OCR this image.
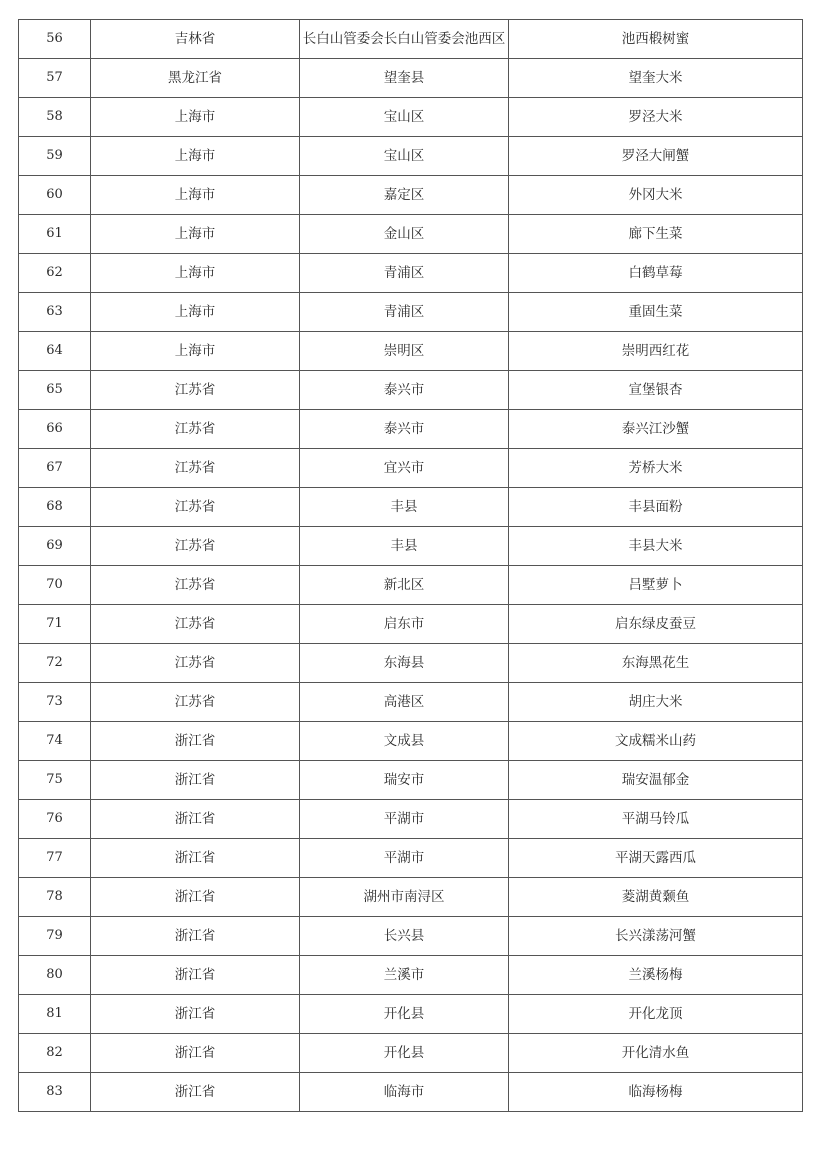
56	吉林省	长白山管委会长白山管委会池西区	池西椴树蜜
57	黑龙江省	望奎县	望奎大米
58	上海市	宝山区	罗泾大米
59	上海市	宝山区	罗泾大闸蟹
60	上海市	嘉定区	外冈大米
61	上海市	金山区	廊下生菜
62	上海市	青浦区	白鹤草莓
63	上海市	青浦区	重固生菜
64	上海市	崇明区	崇明西红花
65	江苏省	泰兴市	宣堡银杏
66	江苏省	泰兴市	泰兴江沙蟹
67	江苏省	宜兴市	芳桥大米
68	江苏省	丰县	丰县面粉
69	江苏省	丰县	丰县大米
70	江苏省	新北区	吕墅萝卜
71	江苏省	启东市	启东绿皮蚕豆
72	江苏省	东海县	东海黑花生
73	江苏省	高港区	胡庄大米
74	浙江省	文成县	文成糯米山药
75	浙江省	瑞安市	瑞安温郁金
76	浙江省	平湖市	平湖马铃瓜
77	浙江省	平湖市	平湖天露西瓜
78	浙江省	湖州市南浔区	菱湖黄颡鱼
79	浙江省	长兴县	长兴漾荡河蟹
80	浙江省	兰溪市	兰溪杨梅
81	浙江省	开化县	开化龙顶
82	浙江省	开化县	开化清水鱼
83	浙江省	临海市	临海杨梅
